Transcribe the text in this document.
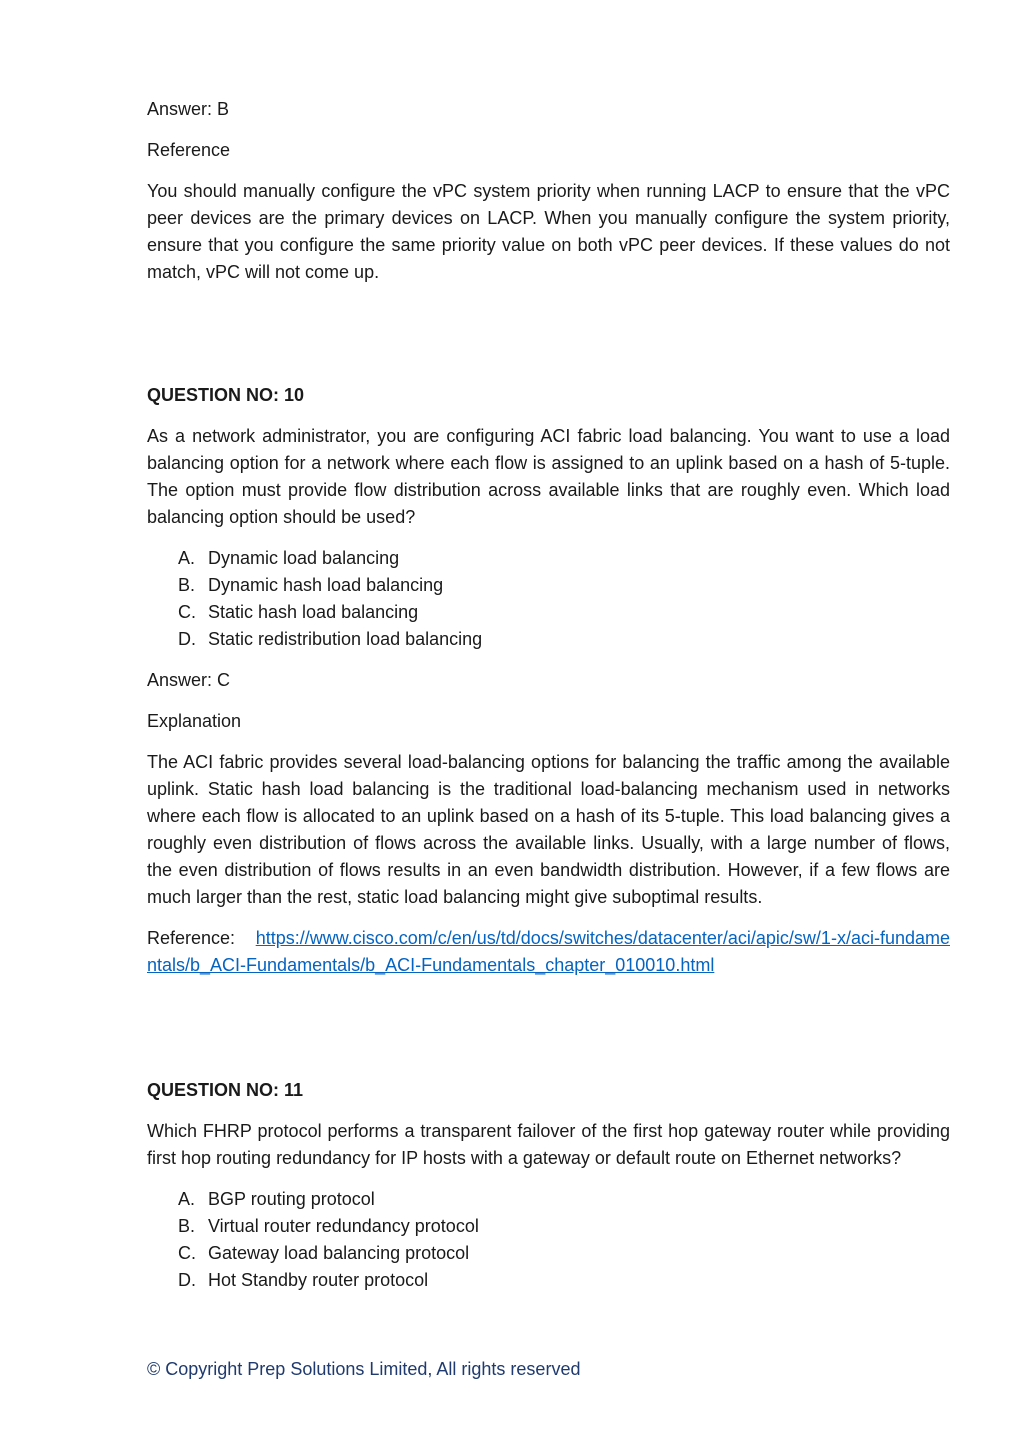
Answer: B

Reference

You should manually configure the vPC system priority when running LACP to ensure that the vPC peer devices are the primary devices on LACP. When you manually configure the system priority, ensure that you configure the same priority value on both vPC peer devices. If these values do not match, vPC will not come up.

QUESTION NO: 10

As a network administrator, you are configuring ACI fabric load balancing. You want to use a load balancing option for a network where each flow is assigned to an uplink based on a hash of 5-tuple. The option must provide flow distribution across available links that are roughly even. Which load balancing option should be used?

A. Dynamic load balancing
B. Dynamic hash load balancing
C. Static hash load balancing
D. Static redistribution load balancing

Answer: C

Explanation

The ACI fabric provides several load-balancing options for balancing the traffic among the available uplink. Static hash load balancing is the traditional load-balancing mechanism used in networks where each flow is allocated to an uplink based on a hash of its 5-tuple. This load balancing gives a roughly even distribution of flows across the available links. Usually, with a large number of flows, the even distribution of flows results in an even bandwidth distribution. However, if a few flows are much larger than the rest, static load balancing might give suboptimal results.

Reference: https://www.cisco.com/c/en/us/td/docs/switches/datacenter/aci/apic/sw/1-x/aci-fundamentals/b_ACI-Fundamentals/b_ACI-Fundamentals_chapter_010010.html

QUESTION NO: 11

Which FHRP protocol performs a transparent failover of the first hop gateway router while providing first hop routing redundancy for IP hosts with a gateway or default route on Ethernet networks?

A. BGP routing protocol
B. Virtual router redundancy protocol
C. Gateway load balancing protocol
D. Hot Standby router protocol
© Copyright Prep Solutions Limited, All rights reserved
